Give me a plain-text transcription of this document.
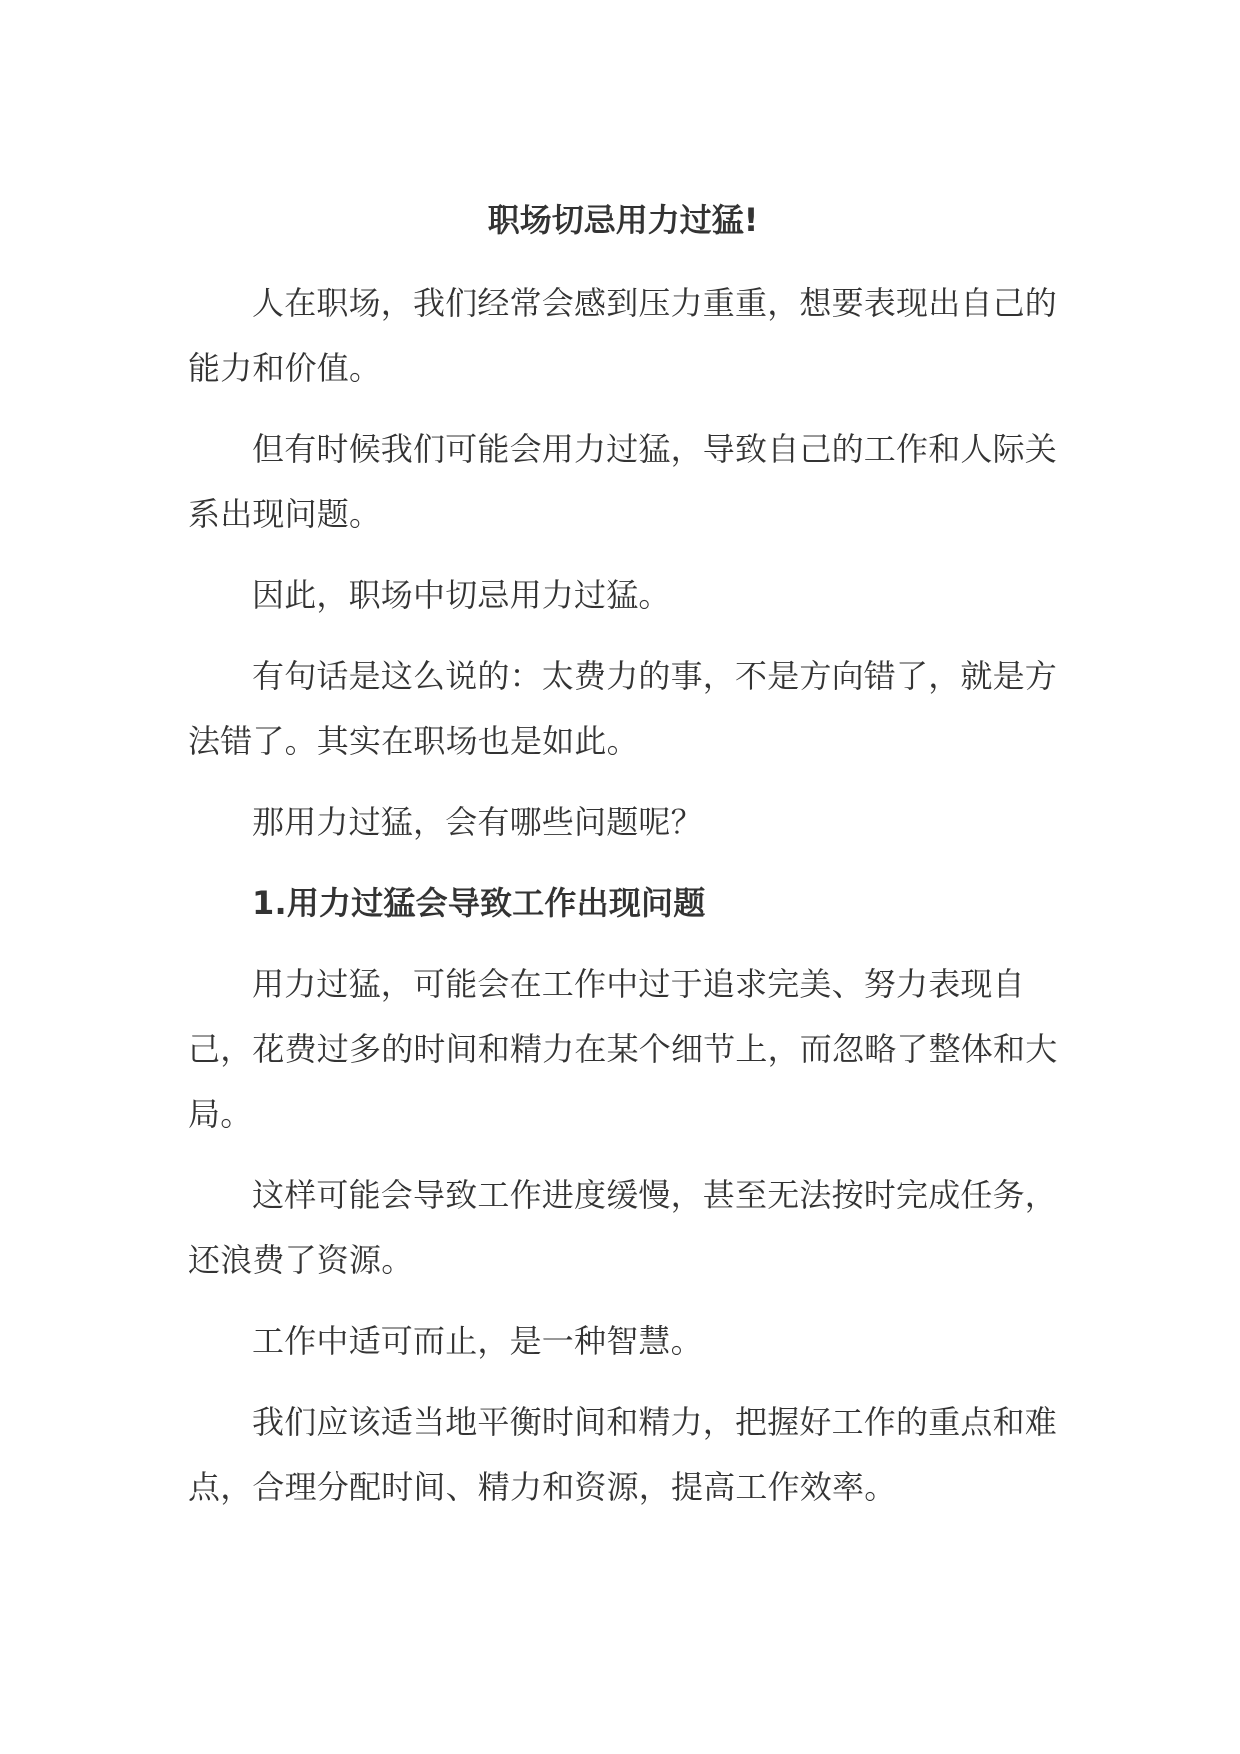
职场切忌用力过猛!

人在职场，我们经常会感到压力重重，想要表现出自己的能力和价值。

但有时候我们可能会用力过猛，导致自己的工作和人际关系出现问题。

因此，职场中切忌用力过猛。

有句话是这么说的：太费力的事，不是方向错了，就是方法错了。其实在职场也是如此。

那用力过猛，会有哪些问题呢？

1.用力过猛会导致工作出现问题

用力过猛，可能会在工作中过于追求完美、努力表现自己，花费过多的时间和精力在某个细节上，而忽略了整体和大局。

这样可能会导致工作进度缓慢，甚至无法按时完成任务，还浪费了资源。

工作中适可而止，是一种智慧。

我们应该适当地平衡时间和精力，把握好工作的重点和难点，合理分配时间、精力和资源，提高工作效率。
